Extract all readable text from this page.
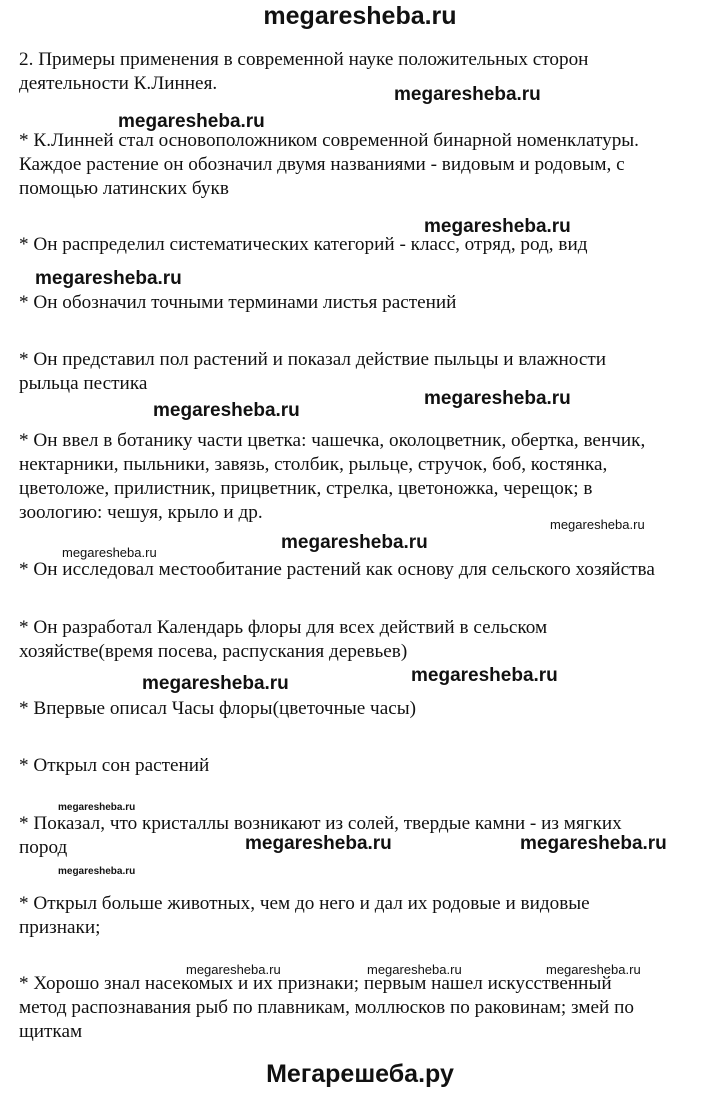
megaresheba.ru
2. Примеры применения в современной науке положительных сторон
деятельности К.Линнея.
* К.Линней стал основоположником современной бинарной номенклатуры.
Каждое растение он обозначил двумя названиями - видовым и родовым, с
помощью латинских букв
* Он распределил систематических категорий - класс, отряд, род, вид
* Он обозначил точными терминами листья растений
* Он представил пол растений и показал действие пыльцы и влажности
рыльца пестика
* Он ввел в ботанику части цветка: чашечка, околоцветник, обертка, венчик,
нектарники, пыльники, завязь, столбик, рыльце, стручок, боб, костянка,
цветоложе, прилистник, прицветник, стрелка, цветоножка, черещок; в
зоологию: чешуя, крыло и др.
* Он исследовал местообитание растений как основу для сельского хозяйства
* Он разработал Календарь флоры для всех действий в сельском
хозяйстве(время посева, распускания деревьев)
* Впервые описал Часы флоры(цветочные часы)
* Открыл сон растений
* Показал, что кристаллы возникают из солей, твердые камни - из мягких
пород
* Открыл больше животных, чем до него и дал их родовые и видовые
признаки;
* Хорошо знал насекомых и их признаки; первым нашел искусственный
метод распознавания рыб по плавникам, моллюсков по раковинам; змей по
щиткам
megaresheba.ru
megaresheba.ru
megaresheba.ru
megaresheba.ru
megaresheba.ru
megaresheba.ru
megaresheba.ru
megaresheba.ru	megaresheba.ru
megaresheba.ru
megaresheba.ru
megaresheba.ru
megaresheba.ru	megaresheba.ru
megaresheba.ru
megaresheba.ru	megaresheba.ru	megaresheba.ru
Мегарешеба.ру
